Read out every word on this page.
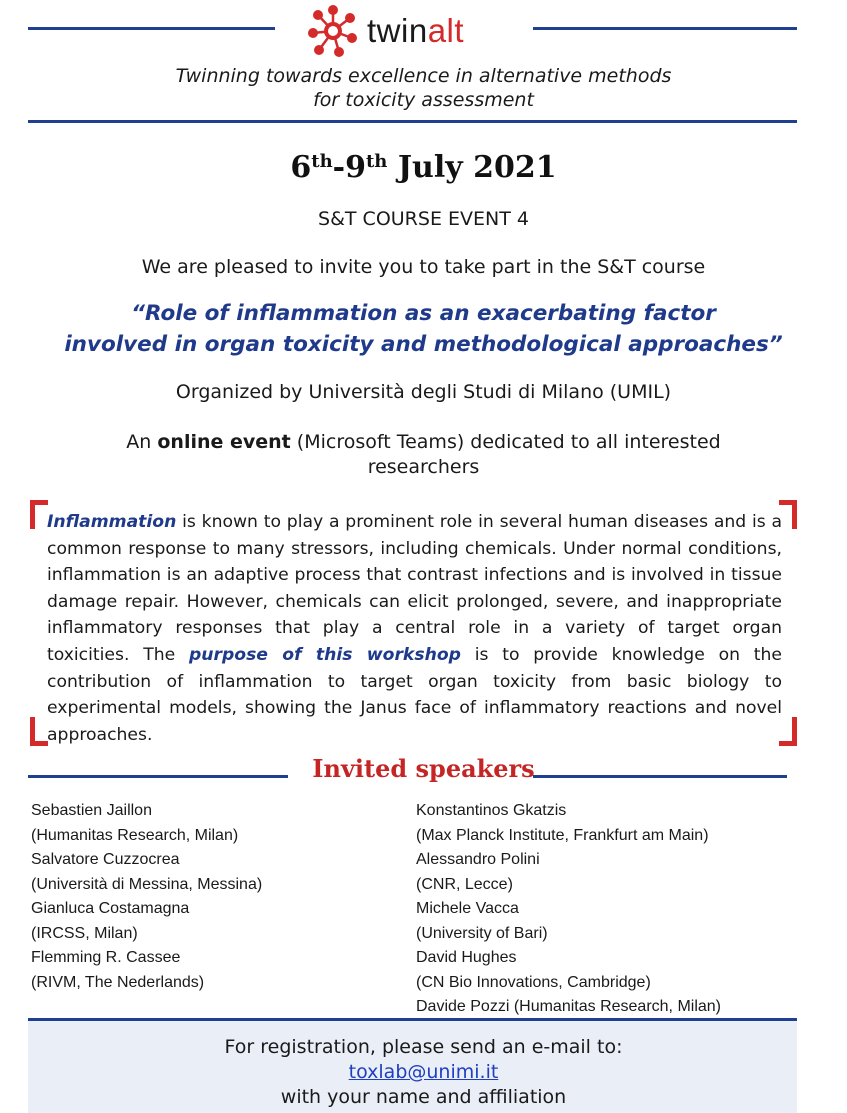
twinalt
Twinning towards excellence in alternative methods
for toxicity assessment
6th-9th July 2021
S&T COURSE EVENT 4
We are pleased to invite you to take part in the S&T course
“Role of inflammation as an exacerbating factor
involved in organ toxicity and methodological approaches”
Organized by Università degli Studi di Milano (UMIL)
An online event (Microsoft Teams) dedicated to all interested
researchers
Inflammation is known to play a prominent role in several human diseases and is a common response to many stressors, including chemicals. Under normal conditions, inflammation is an adaptive process that contrast infections and is involved in tissue damage repair. However, chemicals can elicit prolonged, severe, and inappropriate inflammatory responses that play a central role in a variety of target organ toxicities. The purpose of this workshop is to provide knowledge on the contribution of inflammation to target organ toxicity from basic biology to experimental models, showing the Janus face of inflammatory reactions and novel approaches.
Invited speakers
Sebastien Jaillon
(Humanitas Research, Milan)
Salvatore Cuzzocrea
(Università di Messina, Messina)
Gianluca Costamagna
(IRCSS, Milan)
Flemming R. Cassee
(RIVM, The Nederlands)
Konstantinos Gkatzis
(Max Planck Institute, Frankfurt am Main)
Alessandro Polini
(CNR, Lecce)
Michele Vacca
(University of Bari)
David Hughes
(CN Bio Innovations, Cambridge)
Davide Pozzi (Humanitas Research, Milan)
For registration, please send an e-mail to:
toxlab@unimi.it
with your name and affiliation
